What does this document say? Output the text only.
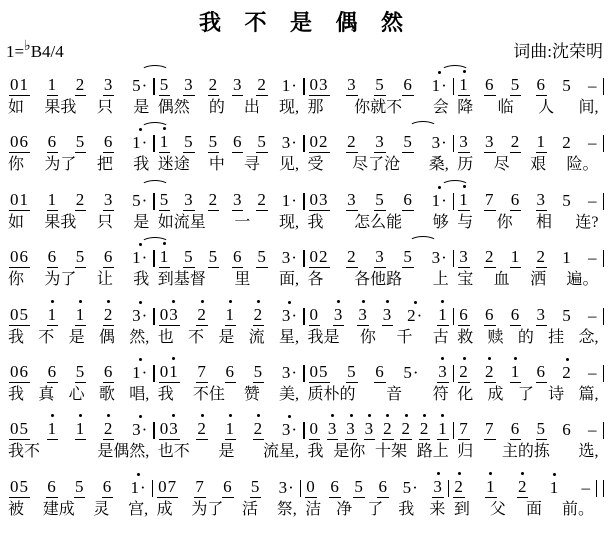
我 不 是 偶 然
1=♭B4/4	词曲:沈荣明
01 1 2 3 5· 5 3 2 3 2 1· 03 3 5 6 1· 1 6 5 6 5 –
如 果我 只 是 偶然 的 出 现, 那 你就不 会 降 临 人 间,
06 6 5 6 1· 1 5 5 6 5 3· 02 2 3 5 3· 3 3 2 1 2 –
你 为了 把 我 迷途 中 寻 见, 受 尽了沧 桑, 历 尽 艰 险。
01 1 2 3 5· 5 3 2 3 2 1· 03 3 5 6 1· 1 7 6 3 5 –
如 果我 只 是 如流星 一 现, 我 怎么能 够 与 你 相 连?
06 6 5 6 1· 1 5 5 6 5 3· 02 2 3 5 3· 3 2 1 2 1 –
你 为了 让 我 到基督 里 面, 各 各他路 上 宝 血 洒 遍。
05 1 1 2 3· 03 2 1 2 3· 0 3 3 3 2· 1 6 6 6 3 5 –
我 不 是 偶 然, 也 不 是 流 星, 我是 你 千 古 救 赎 的 挂 念,
06 6 5 6 1· 01 7 6 5 3· 05 5 6 5· 3 2 2 1 6 2 –
我 真 心 歌 唱, 我 不住 赞 美, 质朴的 音 符 化 成 了 诗 篇,
05 1 1 2 3· 03 2 1 2 3· 0 3 3 3 2 2 2 1 7 7 6 5 6 –
我不	是偶然, 也不 是 流星, 我 是你 十架 路上 归 主的拣 选,
05 6 5 6 1· 07 7 6 5 3· 0 6 5 6 5· 3 2 1 2 1 –
被 建成 灵 宫, 成 为了 活 祭, 洁 净 了 我 来 到 父 面 前。
